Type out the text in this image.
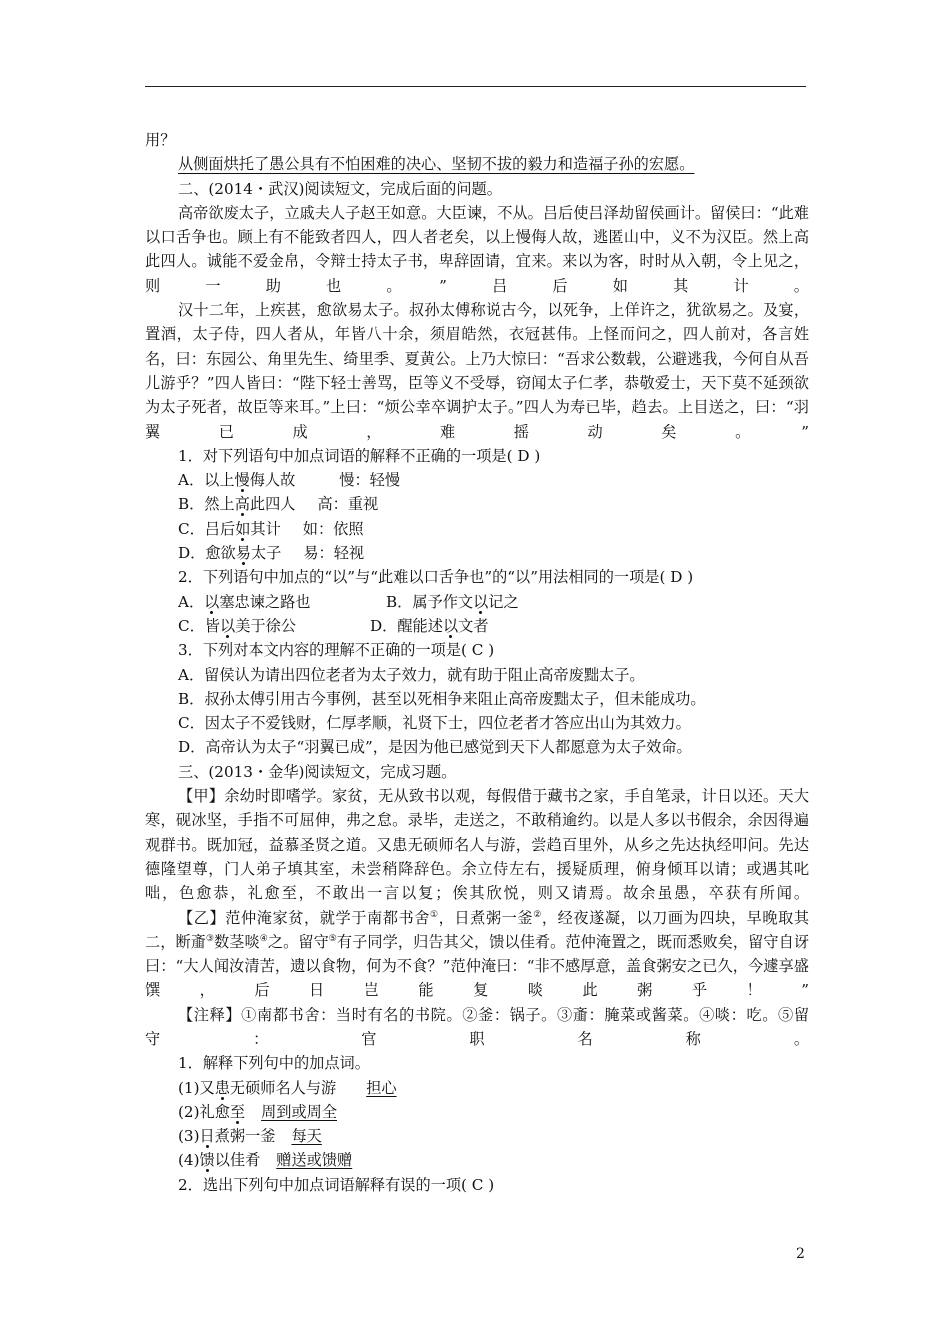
用？
从侧面烘托了愚公具有不怕困难的决心、坚韧不拔的毅力和造福子孙的宏愿。
二、(2014・武汉)阅读短文，完成后面的问题。
高帝欲废太子，立戚夫人子赵王如意。大臣谏，不从。吕后使吕泽劫留侯画计。留侯曰：“此难以口舌争也。顾上有不能致者四人，四人者老矣，以上慢侮人故，逃匿山中，义不为汉臣。然上高此四人。诚能不爱金帛，令辩士持太子书，卑辞固请，宜来。来以为客，时时从入朝，令上见之，则一助也。”吕后如其计。
汉十二年，上疾甚，愈欲易太子。叔孙太傅称说古今，以死争，上佯许之，犹欲易之。及宴，置酒，太子侍，四人者从，年皆八十余，须眉皓然，衣冠甚伟。上怪而问之，四人前对，各言姓名，曰：东园公、角里先生、绮里季、夏黄公。上乃大惊曰：“吾求公数载，公避逃我，今何自从吾儿游乎？”四人皆曰：“陛下轻士善骂，臣等义不受辱，窃闻太子仁孝，恭敬爱士，天下莫不延颈欲为太子死者，故臣等来耳。”上曰：“烦公幸卒调护太子。”四人为寿已毕，趋去。上目送之，曰：“羽翼已成，难摇动矣。”
1．对下列语句中加点词语的解释不正确的一项是( D )
A．以上慢侮人故	慢：轻慢
B．然上高此四人 高：重视
C．吕后如其计 如：依照
D．愈欲易太子 易：轻视
2．下列语句中加点的“以”与“此难以口舌争也”的“以”用法相同的一项是( D )
A．以塞忠谏之路也	B．属予作文以记之
C．皆以美于徐公	D．醒能述以文者
3．下列对本文内容的理解不正确的一项是( C )
A．留侯认为请出四位老者为太子效力，就有助于阻止高帝废黜太子。
B．叔孙太傅引用古今事例，甚至以死相争来阻止高帝废黜太子，但未能成功。
C．因太子不爱钱财，仁厚孝顺，礼贤下士，四位老者才答应出山为其效力。
D．高帝认为太子“羽翼已成”，是因为他已感觉到天下人都愿意为太子效命。
三、(2013・金华)阅读短文，完成习题。
【甲】余幼时即嗜学。家贫，无从致书以观，每假借于藏书之家，手自笔录，计日以还。天大寒，砚冰坚，手指不可屈伸，弗之怠。录毕，走送之，不敢稍逾约。以是人多以书假余，余因得遍观群书。既加冠，益慕圣贤之道。又患无硕师名人与游，尝趋百里外，从乡之先达执经叩问。先达德隆望尊，门人弟子填其室，未尝稍降辞色。余立侍左右，援疑质理，俯身倾耳以请；或遇其叱咄，色愈恭，礼愈至，不敢出一言以复；俟其欣悦，则又请焉。故余虽愚，卒获有所闻。
【乙】范仲淹家贫，就学于南都书舍①，日煮粥一釜②，经夜遂凝，以刀画为四块，早晚取其二，断齑③数茎啖④之。留守⑤有子同学，归告其父，馈以佳肴。范仲淹置之，既而悉败矣，留守自讶曰：“大人闻汝清苦，遗以食物，何为不食？”范仲淹曰：“非不感厚意，盖食粥安之已久，今遽享盛馔，后日岂能复啖此粥乎！”
【注释】①南都书舍：当时有名的书院。②釜：锅子。③齑：腌菜或酱菜。④啖：吃。⑤留守：官职名称。
1．解释下列句中的加点词。
(1)又患无硕师名人与游 担心
(2)礼愈至 周到或周全
(3)日煮粥一釜 每天
(4)馈以佳肴 赠送或馈赠
2．选出下列句中加点词语解释有误的一项( C )
2
